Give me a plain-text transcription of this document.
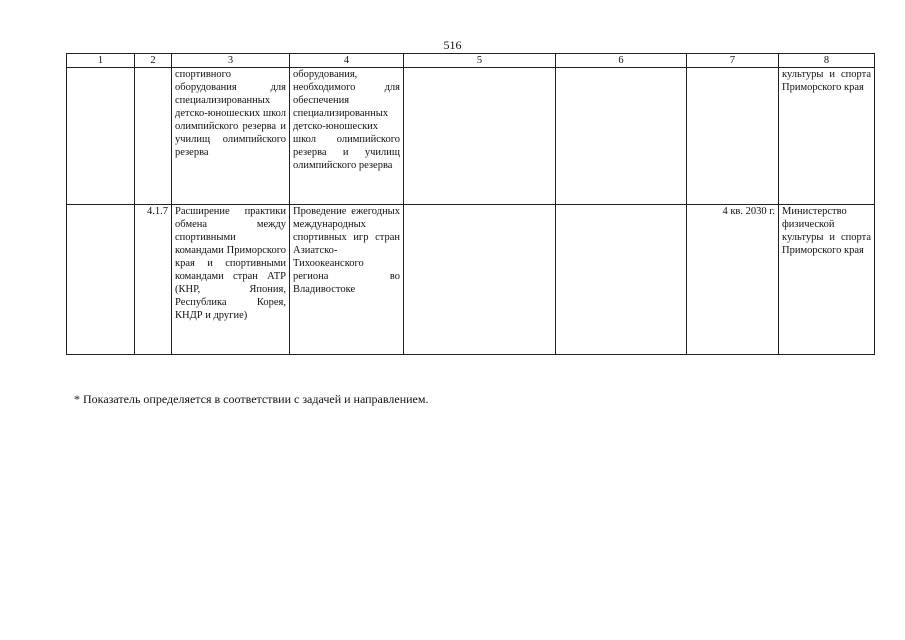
516
1	2	3	4	5	6	7	8
		спортивного оборудования для специализированных детско-юношеских школ олимпийского резерва и училищ олимпийского резерва	оборудования, необходимого для обеспечения специализированных детско-юношеских школ олимпийского резерва и училищ олимпийского резерва				культуры и спорта Приморского края
	4.1.7	Расширение практики обмена между спортивными командами Приморского края и спортивными командами стран АТР (КНР, Япония, Республика Корея, КНДР и другие)	Проведение ежегодных международных спортивных игр стран Азиатско-Тихоокеанского региона во Владивостоке			4 кв. 2030 г.	Министерство физической культуры и спорта Приморского края
* Показатель определяется в соответствии с задачей и направлением.
